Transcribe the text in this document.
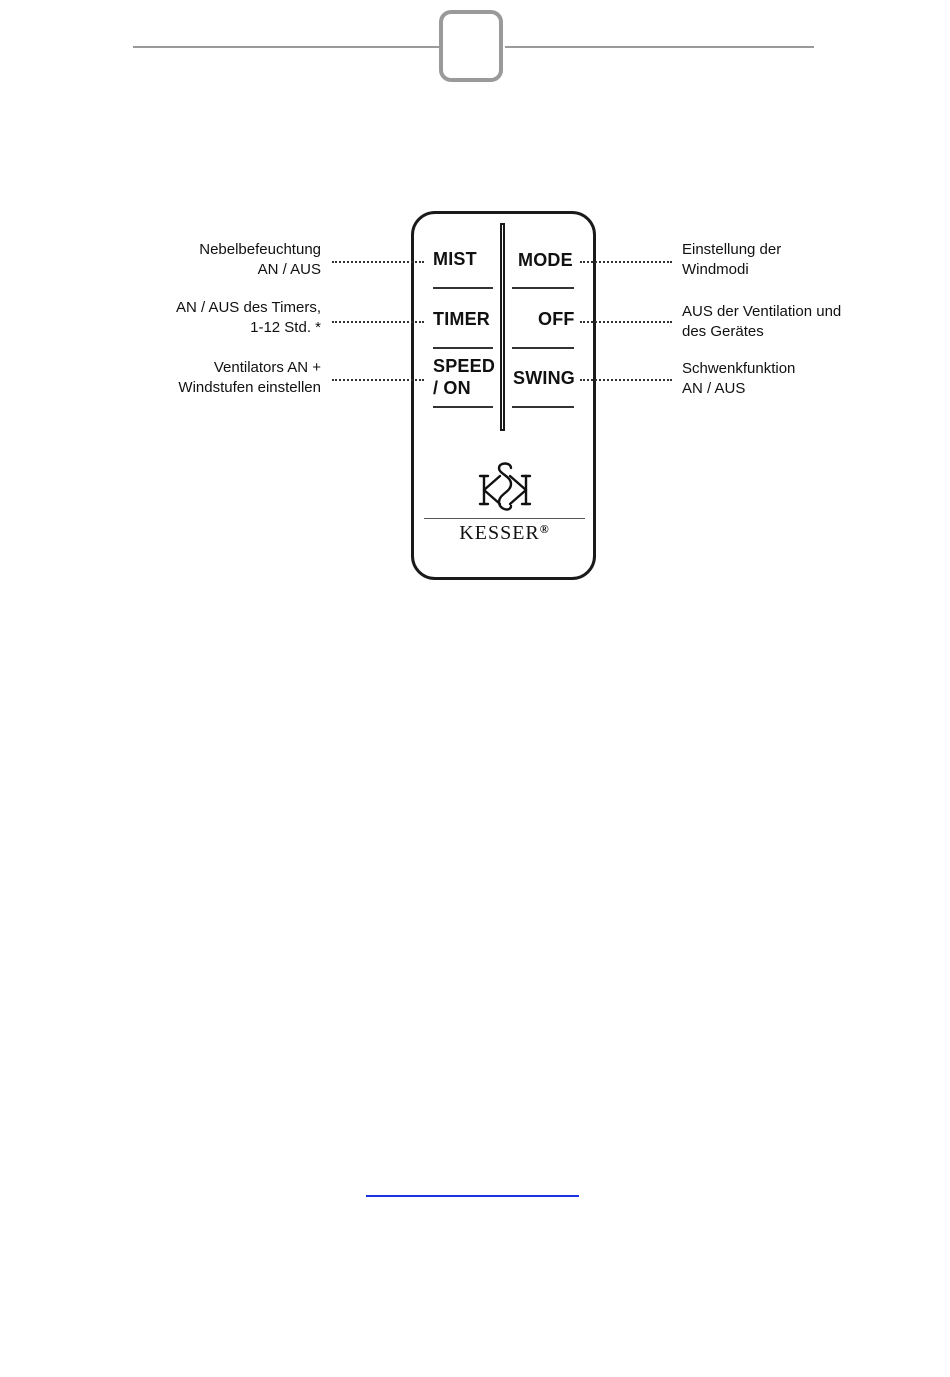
MIST MODE
TIMER	OFF
SPEED
/ ON	SWING
KESSER®
Nebelbefeuchtung
AN / AUS
AN / AUS des Timers,
1-12 Std. *
Ventilators AN +
Windstufen einstellen
Einstellung der
Windmodi
AUS der Ventilation und
des Gerätes
Schwenkfunktion
AN / AUS
